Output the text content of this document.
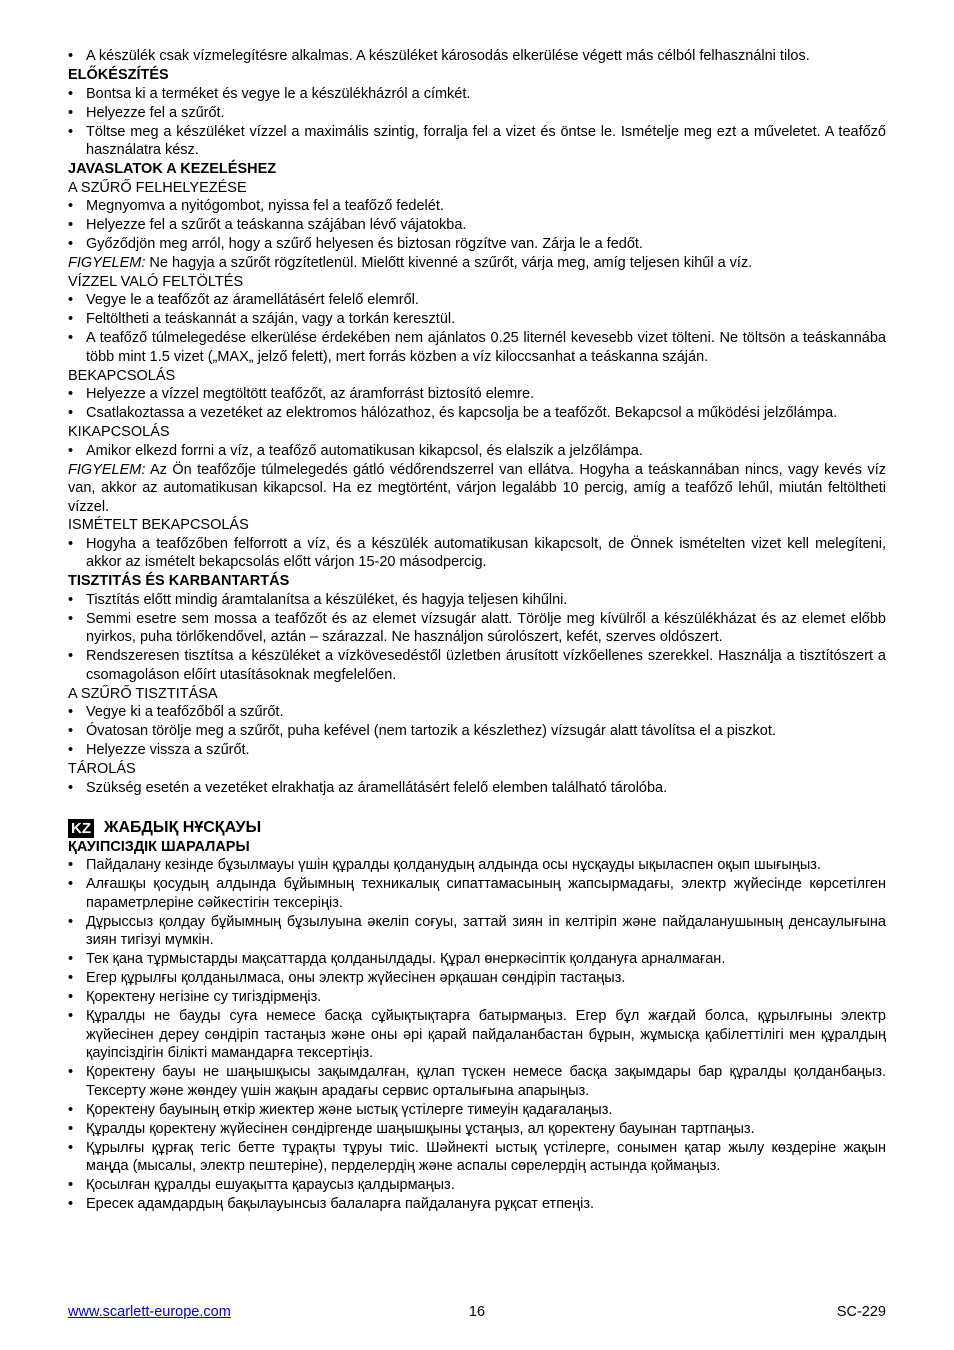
• A készülék csak vízmelegítésre alkalmas. A készüléket károsodás elkerülése végett más célból felhasználni tilos.
ELŐKÉSZÍTÉS
• Bontsa ki a terméket és vegye le a készülékházról a címkét.
• Helyezze fel a szűrőt.
• Töltse meg a készüléket vízzel a maximális szintig, forralja fel a vizet és öntse le. Ismételje meg ezt a műveletet. A teafőző használatra kész.
JAVASLATOK A KEZELÉSHEZ
A SZŰRŐ FELHELYEZÉSE
• Megnyomva a nyitógombot, nyissa fel a teafőző fedelét.
• Helyezze fel a szűrőt a teáskanna szájában lévő vájatokba.
• Győződjön meg arról, hogy a szűrő helyesen és biztosan rögzítve van. Zárja le a fedőt.
FIGYELEM: Ne hagyja a szűrőt rögzítetlenül. Mielőtt kivenné a szűrőt, várja meg, amíg teljesen kihűl a víz.
VÍZZEL VALÓ FELTÖLTÉS
• Vegye le a teafőzőt az áramellátásért felelő elemről.
• Feltöltheti a teáskannát a száján, vagy a torkán keresztül.
• A teafőző túlmelegedése elkerülése érdekében nem ajánlatos 0.25 liternél kevesebb vizet tölteni. Ne töltsön a teáskannába több mint 1.5 vizet („MAX„ jelző felett), mert forrás közben a víz kiloccsanhat a teáskanna száján.
BEKAPCSOLÁS
• Helyezze a vízzel megtöltött teafőzőt, az áramforrást biztosító elemre.
• Csatlakoztassa a vezetéket az elektromos hálózathoz, és kapcsolja be a teafőzőt. Bekapcsol a működési jelzőlámpa.
KIKAPCSOLÁS
• Amikor elkezd forrni a víz, a teafőző automatikusan kikapcsol, és elalszik a jelzőlámpa.
FIGYELEM: Az Ön teafőzője túlmelegedés gátló védőrendszerrel van ellátva. Hogyha a teáskannában nincs, vagy kevés víz van, akkor az automatikusan kikapcsol. Ha ez megtörtént, várjon legalább 10 percig, amíg a teafőző lehűl, miután feltöltheti vízzel.
ISMÉTELT BEKAPCSOLÁS
• Hogyha a teafőzőben felforrott a víz, és a készülék automatikusan kikapcsolt, de Önnek ismételten vizet kell melegíteni, akkor az ismételt bekapcsolás előtt várjon 15-20 másodpercig.
TISZTITÁS ÉS KARBANTARTÁS
• Tisztítás előtt mindig áramtalanítsa a készüléket, és hagyja teljesen kihűlni.
• Semmi esetre sem mossa a teafőzőt és az elemet vízsugár alatt. Törölje meg kívülről a készülékházat és az elemet előbb nyirkos, puha törlőkendővel, aztán – szárazzal. Ne használjon súrolószert, kefét, szerves oldószert.
• Rendszeresen tisztítsa a készüléket a vízkövesedéstől üzletben árusított vízkőellenes szerekkel. Használja a tisztítószert a csomagoláson előírt utasításoknak megfelelően.
A SZŰRŐ TISZTITÁSA
• Vegye ki a teafőzőből a szűrőt.
• Óvatosan törölje meg a szűrőt, puha kefével (nem tartozik a készlethez) vízsugár alatt távolítsa el a piszkot.
• Helyezze vissza a szűrőt.
TÁROLÁS
• Szükség esetén a vezetéket elrakhatja az áramellátásért felelő elemben található tárolóba.
KZ ЖАБДЫҚ НҰСҚАУЫ
ҚАУІПСІЗДІК ШАРАЛАРЫ
• Пайдалану кезінде бұзылмауы үшін құралды қолданудың алдында осы нұсқауды ықыласпен оқып шығыңыз.
• Алғашқы қосудың алдында бұйымның техникалық сипаттамасының жапсырмадағы, электр жүйесінде көрсетілген параметрлеріне сәйкестігін тексеріңіз.
• Дұрыссыз қолдау бұйымның бұзылуына әкеліп соғуы, заттай зиян іп келтіріп және пайдаланушының денсаулығына зиян тигізуі мүмкін.
• Тек қана тұрмыстарды мақсаттарда қолданылдады. Құрал өнеркәсіптік қолдануға арналмаған.
• Егер құрылғы қолданылмаса, оны электр жүйесінен әрқашан сөндіріп тастаңыз.
• Қоректену негізіне су тигіздірмеңіз.
• Құралды не бауды суға немесе басқа сұйықтықтарға батырмаңыз. Егер бұл жағдай болса, құрылғыны электр жүйесінен дереу сөндіріп тастаңыз және оны әрі қарай пайдаланбастан бұрын, жұмысқа қабілеттілігі мен құралдың қауіпсіздігін білікті мамандарға тексертіңіз.
• Қоректену бауы не шаңышқысы зақымдалған, құлап түскен немесе басқа зақымдары бар құралды қолданбаңыз. Тексерту және жөндеу үшін жақын арадағы сервис орталығына апарыңыз.
• Қоректену бауының өткір жиектер және ыстық үстілерге тимеуін қадағалаңыз.
• Құралды қоректену жүйесінен сөндіргенде шаңышқыны ұстаңыз, ал қоректену бауынан тартпаңыз.
• Құрылғы құрғақ тегіс бетте тұрақты тұруы тиіс. Шәйнекті ыстық үстілерге, сонымен қатар жылу көздеріне жақын маңда (мысалы, электр пештеріне), перделердің және аспалы сөрелердің астында қоймаңыз.
• Қосылған құралды ешуақытта қараусыз қалдырмаңыз.
• Ересек адамдардың бақылауынсыз балаларға пайдалануға рұқсат етпеңіз.
www.scarlett-europe.com	16	SC-229
